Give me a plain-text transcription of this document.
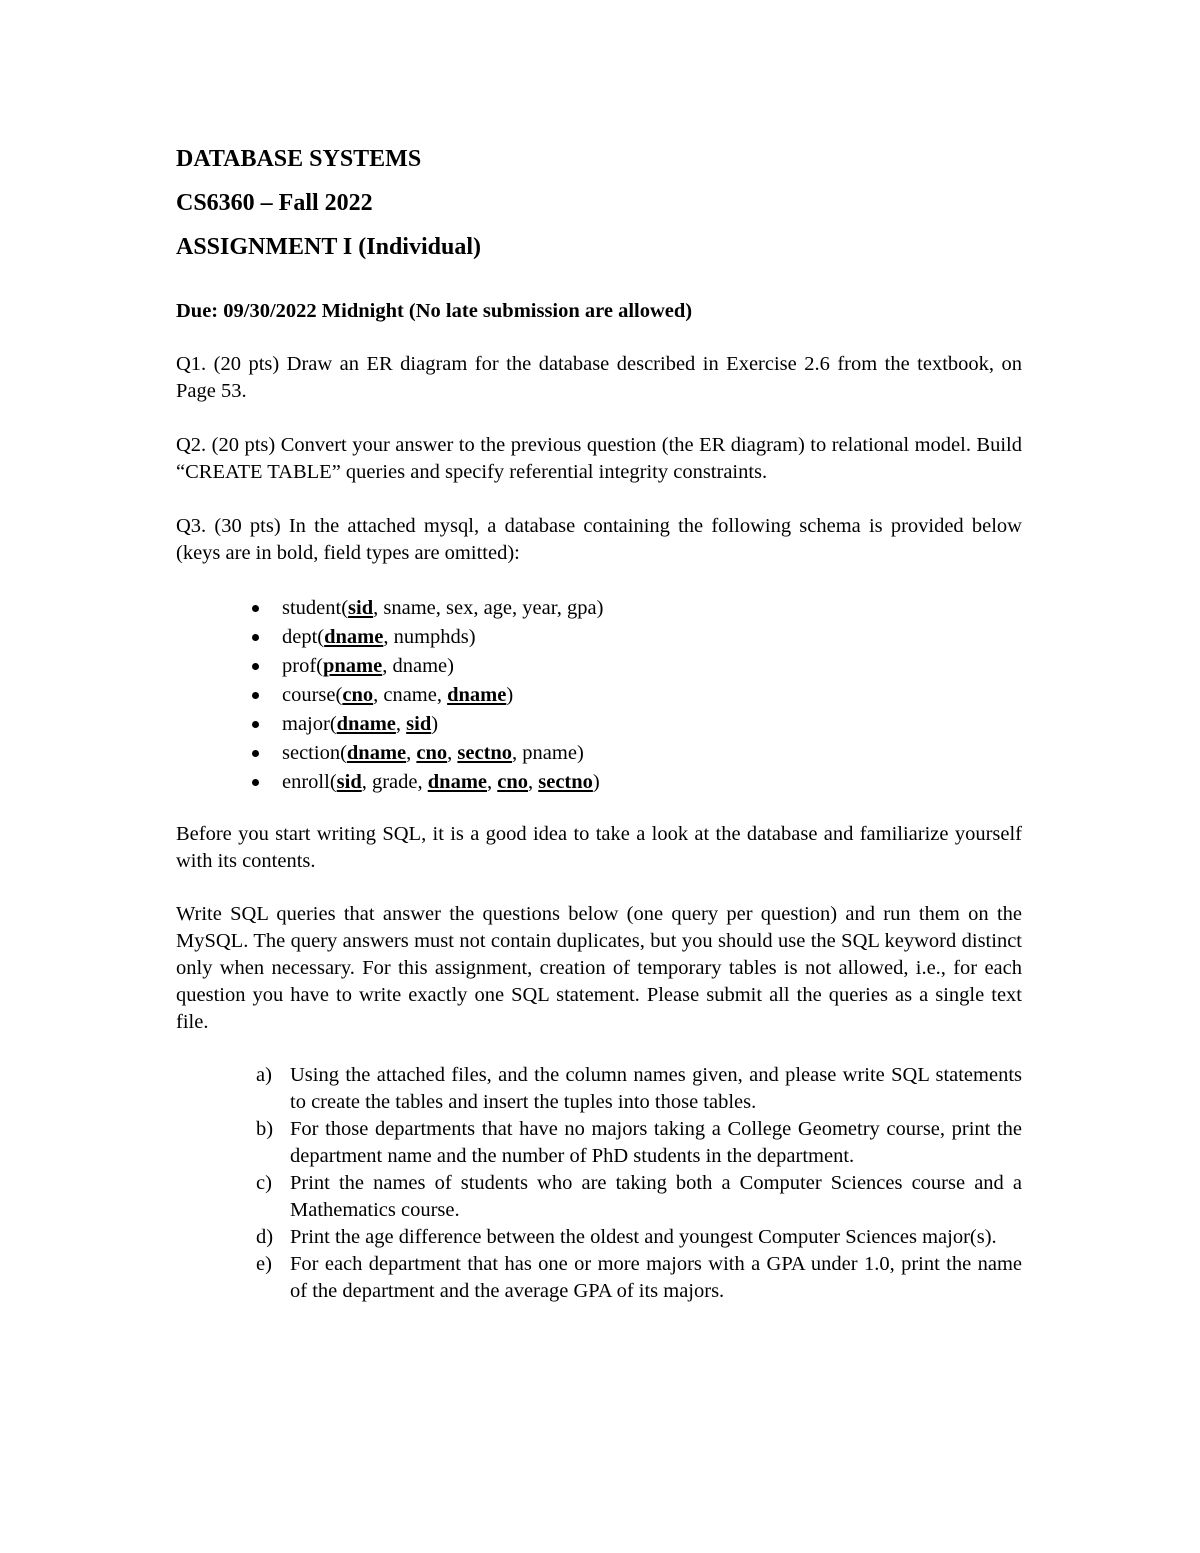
DATABASE SYSTEMS
CS6360 – Fall 2022
ASSIGNMENT I (Individual)
Due: 09/30/2022 Midnight (No late submission are allowed)

Q1. (20 pts) Draw an ER diagram for the database described in Exercise 2.6 from the textbook, on Page 53.

Q2. (20 pts) Convert your answer to the previous question (the ER diagram) to relational model. Build “CREATE TABLE” queries and specify referential integrity constraints.

Q3. (30 pts) In the attached mysql, a database containing the following schema is provided below (keys are in bold, field types are omitted):

student(sid, sname, sex, age, year, gpa)
dept(dname, numphds)
prof(pname, dname)
course(cno, cname, dname)
major(dname, sid)
section(dname, cno, sectno, pname)
enroll(sid, grade, dname, cno, sectno)

Before you start writing SQL, it is a good idea to take a look at the database and familiarize yourself with its contents.

Write SQL queries that answer the questions below (one query per question) and run them on the MySQL. The query answers must not contain duplicates, but you should use the SQL keyword distinct only when necessary. For this assignment, creation of temporary tables is not allowed, i.e., for each question you have to write exactly one SQL statement. Please submit all the queries as a single text file.

a) Using the attached files, and the column names given, and please write SQL statements to create the tables and insert the tuples into those tables.
b) For those departments that have no majors taking a College Geometry course, print the department name and the number of PhD students in the department.
c) Print the names of students who are taking both a Computer Sciences course and a Mathematics course.
d) Print the age difference between the oldest and youngest Computer Sciences major(s).
e) For each department that has one or more majors with a GPA under 1.0, print the name of the department and the average GPA of its majors.
